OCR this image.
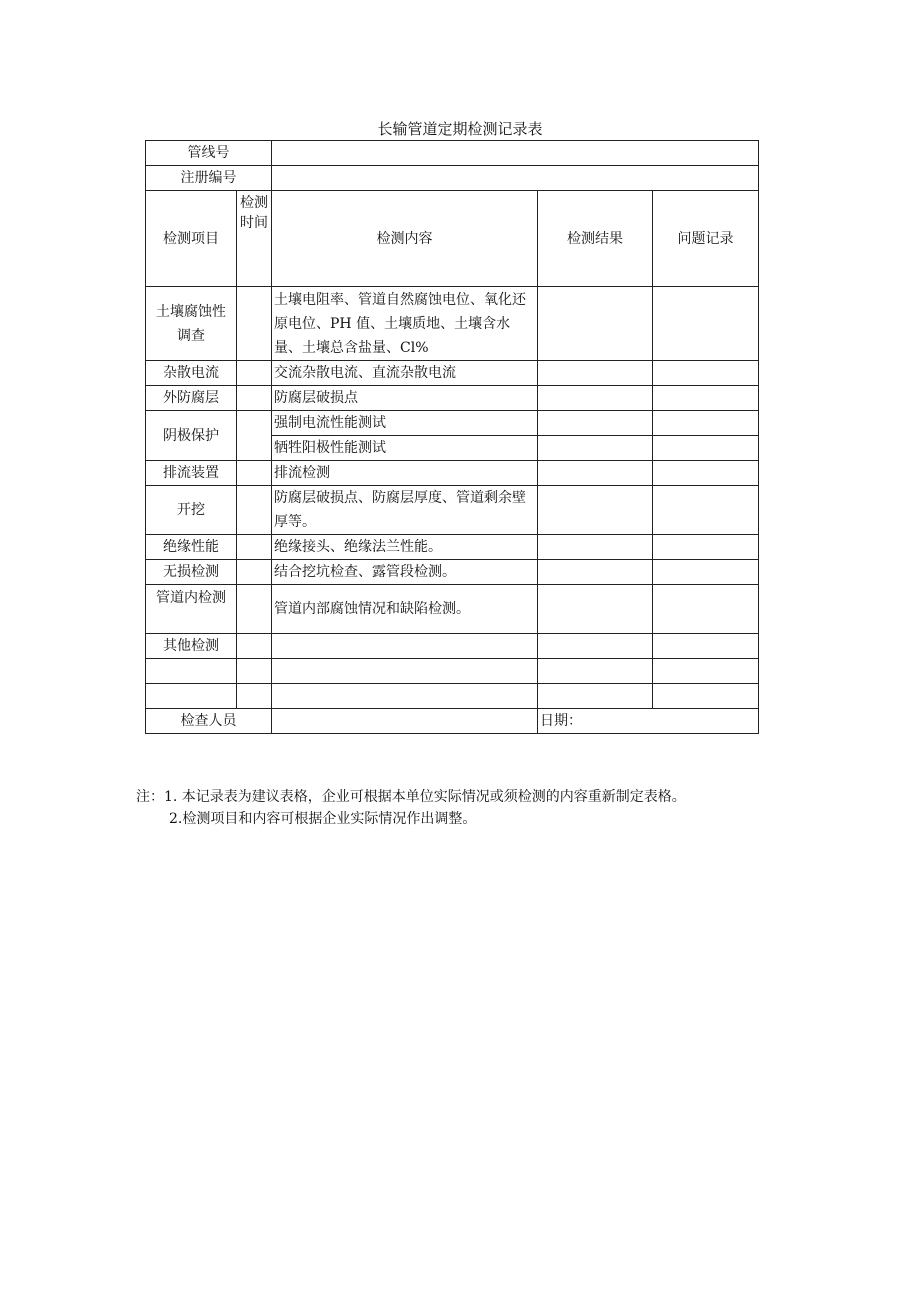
长输管道定期检测记录表
管线号				
注册编号				
检测项目	检测时间	检测内容	检测结果	问题记录
土壤腐蚀性调查		土壤电阻率、管道自然腐蚀电位、氧化还原电位、PH 值、土壤质地、土壤含水量、土壤总含盐量、Cl%		
杂散电流		交流杂散电流、直流杂散电流		
外防腐层		防腐层破损点		
阴极保护		强制电流性能测试		
		牺牲阳极性能测试		
排流装置		排流检测		
开挖		防腐层破损点、防腐层厚度、管道剩余壁厚等。		
绝缘性能		绝缘接头、绝缘法兰性能。		
无损检测		结合挖坑检查、露管段检测。		
管道内检测		管道内部腐蚀情况和缺陷检测。		
其他检测				

检查人员			日期：	
注：1. 本记录表为建议表格，企业可根据本单位实际情况或须检测的内容重新制定表格。
2.检测项目和内容可根据企业实际情况作出调整。
